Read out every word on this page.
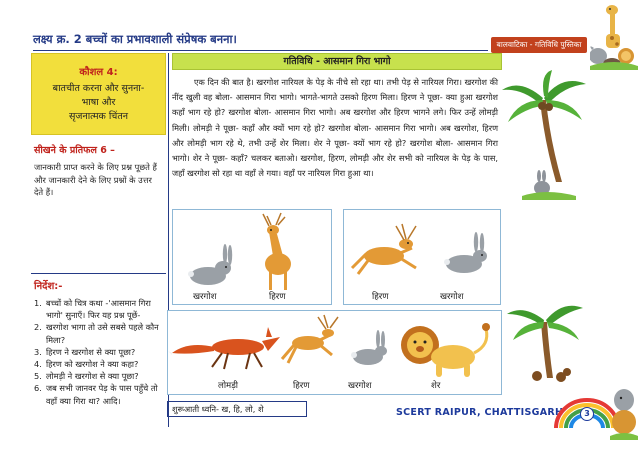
लक्ष्य क्र. 2 बच्चों का प्रभावशाली संप्रेषक बनना।	बालवाटिका - गतिविधि पुस्तिका
कौशल 4:
बातचीत करना और सुनना-
भाषा और
सृजनात्मक चिंतन
सीखने के प्रतिफल 6 –
जानकारी प्राप्त करने के लिए प्रश्न पूछते हैं और जानकारी देने के लिए प्रश्नों के उत्तर देते हैं।
निर्देश:-
1. बच्चों को चित्र कथा -'आसमान गिरा भागो' सुनाएँ। फिर यह प्रश्न पूछें-
2. खरगोश भागा तो उसे सबसे पहले कौन मिला?
3. हिरण ने खरगोश से क्या पूछा?
4. हिरण को खरगोश ने क्या कहा?
5. लोमड़ी ने खरगोश से क्या पूछा?
6. जब सभी जानवर पेड़ के पास पहुँचे तो वहाँ क्या गिरा था? आदि।
गतिविधि - आसमान गिरा भागो
एक दिन की बात है। खरगोश नारियल के पेड़ के नीचे सो रहा था। तभी पेड़ से नारियल गिरा। खरगोश की नींद खुली वह बोला- आसमान गिरा भागो। भागते-भागते उसको हिरण मिला। हिरण ने पूछा- क्या हुआ खरगोश कहाँ भाग रहे हो? खरगोश बोला- आसमान गिरा भागो। अब खरगोश और हिरण भागने लगे। फिर उन्हें लोमड़ी मिली। लोमड़ी ने पूछा- कहाँ और क्यों भाग रहे हो? खरगोश बोला- आसमान गिरा भागो। अब खरगोश, हिरण और लोमड़ी भाग रहे थे, तभी उन्हें शेर मिला। शेर ने पूछा- क्यों भाग रहे हो? खरगोश बोला- आसमान गिरा भागो। शेर ने पूछा- कहाँ? चलकर बताओ। खरगोश, हिरण, लोमड़ी और शेर सभी को नारियल के पेड़ के पास, जहाँ खरगोश सो रहा था वहाँ ले गया। वहाँ पर नारियल गिरा हुआ था।
खरगोश	हिरण	हिरण	खरगोश
लोमड़ी	हिरण	खरगोश	शेर
शुरूआती ध्वनि- ख, हि, लो, शे	SCERT RAIPUR, CHATTISGARH	3
